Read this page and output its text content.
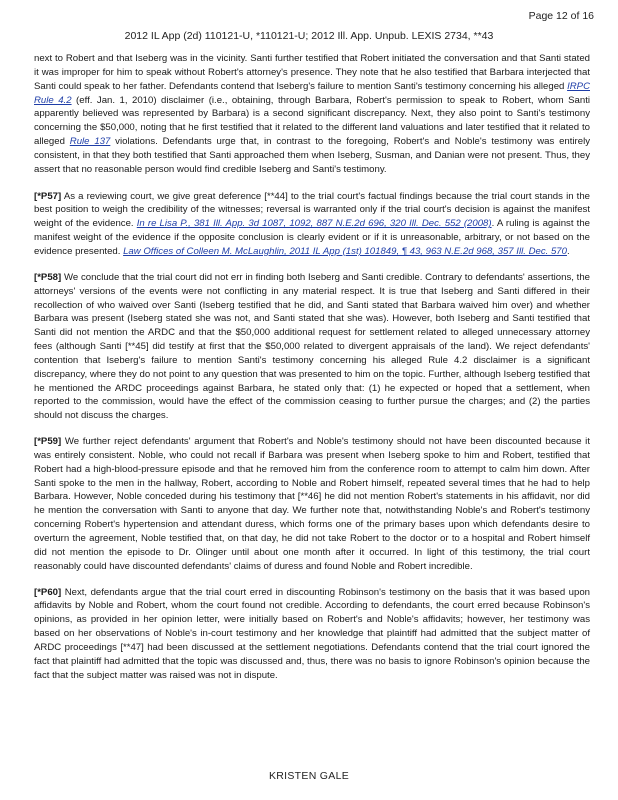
Page 12 of 16
2012 IL App (2d) 110121-U, *110121-U; 2012 Ill. App. Unpub. LEXIS 2734, **43

next to Robert and that Iseberg was in the vicinity. Santi further testified that Robert initiated the conversation and that Santi stated it was improper for him to speak without Robert's attorney's presence. They note that he also testified that Barbara interjected that Santi could speak to her father. Defendants contend that Iseberg's failure to mention Santi's testimony concerning his alleged IRPC Rule 4.2 (eff. Jan. 1, 2010) disclaimer (i.e., obtaining, through Barbara, Robert's permission to speak to Robert, whom Santi apparently believed was represented by Barbara) is a second significant discrepancy. Next, they also point to Santi's testimony concerning the $50,000, noting that he first testified that it related to the different land valuations and later testified that it related to alleged Rule 137 violations. Defendants urge that, in contrast to the foregoing, Robert's and Noble's testimony was entirely consistent, in that they both testified that Santi approached them when Iseberg, Susman, and Danian were not present. Thus, they assert that no reasonable person would find credible Iseberg and Santi's testimony.

[*P57] As a reviewing court, we give great deference [**44] to the trial court's factual findings because the trial court stands in the best position to weigh the credibility of the witnesses; reversal is warranted only if the trial court's decision is against the manifest weight of the evidence. In re Lisa P., 381 Ill. App. 3d 1087, 1092, 887 N.E.2d 696, 320 Ill. Dec. 552 (2008). A ruling is against the manifest weight of the evidence if the opposite conclusion is clearly evident or if it is unreasonable, arbitrary, or not based on the evidence presented. Law Offices of Colleen M. McLaughlin, 2011 IL App (1st) 101849, ¶ 43, 963 N.E.2d 968, 357 Ill. Dec. 570.

[*P58] We conclude that the trial court did not err in finding both Iseberg and Santi credible. Contrary to defendants' assertions, the attorneys' versions of the events were not conflicting in any material respect. It is true that Iseberg and Santi differed in their recollection of who waived over Santi (Iseberg testified that he did, and Santi stated that Barbara waived him over) and whether Barbara was present (Iseberg stated she was not, and Santi stated that she was). However, both Iseberg and Santi testified that Santi did not mention the ARDC and that the $50,000 additional request for settlement related to alleged unnecessary attorney fees (although Santi [**45] did testify at first that the $50,000 related to divergent appraisals of the land). We reject defendants' contention that Iseberg's failure to mention Santi's testimony concerning his alleged Rule 4.2 disclaimer is a significant discrepancy, where they do not point to any question that was presented to him on the topic. Further, although Iseberg testified that he mentioned the ARDC proceedings against Barbara, he stated only that: (1) he expected or hoped that a settlement, when reported to the commission, would have the effect of the commission ceasing to further pursue the charges; and (2) the parties should not discuss the charges.

[*P59] We further reject defendants' argument that Robert's and Noble's testimony should not have been discounted because it was entirely consistent. Noble, who could not recall if Barbara was present when Iseberg spoke to him and Robert, testified that Robert had a high-blood-pressure episode and that he removed him from the conference room to attempt to calm him down. After Santi spoke to the men in the hallway, Robert, according to Noble and Robert himself, repeated several times that he had to help Barbara. However, Noble conceded during his testimony that [**46] he did not mention Robert's statements in his affidavit, nor did he mention the conversation with Santi to anyone that day. We further note that, notwithstanding Noble's and Robert's testimony concerning Robert's hypertension and attendant duress, which forms one of the primary bases upon which defendants desire to overturn the agreement, Noble testified that, on that day, he did not take Robert to the doctor or to a hospital and Robert himself did not mention the episode to Dr. Olinger until about one month after it occurred. In light of this testimony, the trial court reasonably could have discounted defendants' claims of duress and found Noble and Robert incredible.

[*P60] Next, defendants argue that the trial court erred in discounting Robinson's testimony on the basis that it was based upon affidavits by Noble and Robert, whom the court found not credible. According to defendants, the court erred because Robinson's opinions, as provided in her opinion letter, were initially based on Robert's and Noble's affidavits; however, her testimony was based on her observations of Noble's in-court testimony and her knowledge that plaintiff had admitted that the subject matter of ARDC proceedings [**47] had been discussed at the settlement negotiations. Defendants contend that the trial court ignored the fact that plaintiff had admitted that the topic was discussed and, thus, there was no basis to ignore Robinson's opinion because the fact that the subject matter was raised was not in dispute.

KRISTEN GALE
